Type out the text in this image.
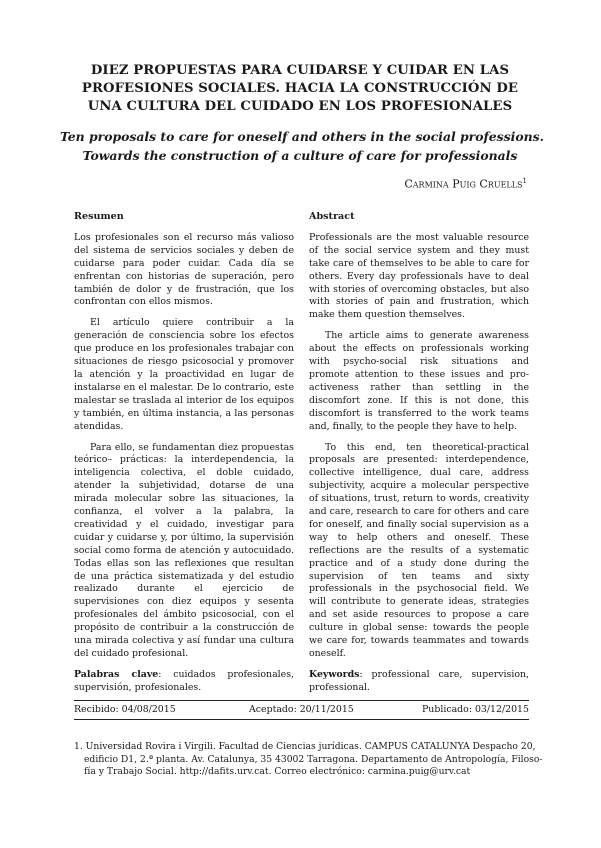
DIEZ PROPUESTAS PARA CUIDARSE Y CUIDAR EN LAS
PROFESIONES SOCIALES. HACIA LA CONSTRUCCIÓN DE
UNA CULTURA DEL CUIDADO EN LOS PROFESIONALES
Ten proposals to care for oneself and others in the social professions.
Towards the construction of a culture of care for professionals
Carmina Puig Cruells$^1$
Resumen

Los profesionales son el recurso más valioso del sistema de servicios sociales y deben de cuidarse para poder cuidar. Cada día se enfrentan con historias de superación, pero también de dolor y de frustración, que los confrontan con ellos mismos.

El artículo quiere contribuir a la generación de consciencia sobre los efectos que produce en los profesionales trabajar con situaciones de riesgo psicosocial y promover la atención y la proactividad en lugar de instalarse en el malestar. De lo contrario, este malestar se traslada al interior de los equipos y también, en última instancia, a las personas atendidas.

Para ello, se fundamentan diez propuestas teórico– prácticas: la interdependencia, la inteligencia colectiva, el doble cuidado, atender la subjetividad, dotarse de una mirada molecular sobre las situaciones, la confianza, el volver a la palabra, la creatividad y el cuidado, investigar para cuidar y cuidarse y, por último, la supervisión social como forma de atención y autocuidado. Todas ellas son las reflexiones que resultan de una práctica sistematizada y del estudio realizado durante el ejercicio de supervisiones con diez equipos y sesenta profesionales del ámbito psicosocial, con el propósito de contribuir a la construcción de una mirada colectiva y así fundar una cultura del cuidado profesional.

Palabras clave: cuidados profesionales, supervisión, profesionales.

Abstract

Professionals are the most valuable resource of the social service system and they must take care of themselves to be able to care for others. Every day professionals have to deal with stories of overcoming obstacles, but also with stories of pain and frustration, which make them question themselves.

The article aims to generate awareness about the effects on professionals working with psycho-social risk situations and promote attention to these issues and pro-activeness rather than settling in the discomfort zone. If this is not done, this discomfort is transferred to the work teams and, finally, to the people they have to help.

To this end, ten theoretical-practical proposals are presented: interdependence, collective intelligence, dual care, address subjectivity, acquire a molecular perspective of situations, trust, return to words, creativity and care, research to care for others and care for oneself, and finally social supervision as a way to help others and oneself. These reflections are the results of a systematic practice and of a study done during the supervision of ten teams and sixty professionals in the psychosocial field. We will contribute to generate ideas, strategies and set aside resources to propose a care culture in global sense: towards the people we care for, towards teammates and towards oneself.

Keywords: professional care, supervision, professional.

Recibido: 04/08/2015	Aceptado: 20/11/2015	Publicado: 03/12/2015
1. Universidad Rovira i Virgili. Facultad de Ciencias jurídicas. CAMPUS CATALUNYA Despacho 20,
edificio D1, 2.ª planta. Av. Catalunya, 35 43002 Tarragona. Departamento de Antropología, Filoso-
fía y Trabajo Social. http://dafits.urv.cat. Correo electrónico: carmina.puig@urv.cat
